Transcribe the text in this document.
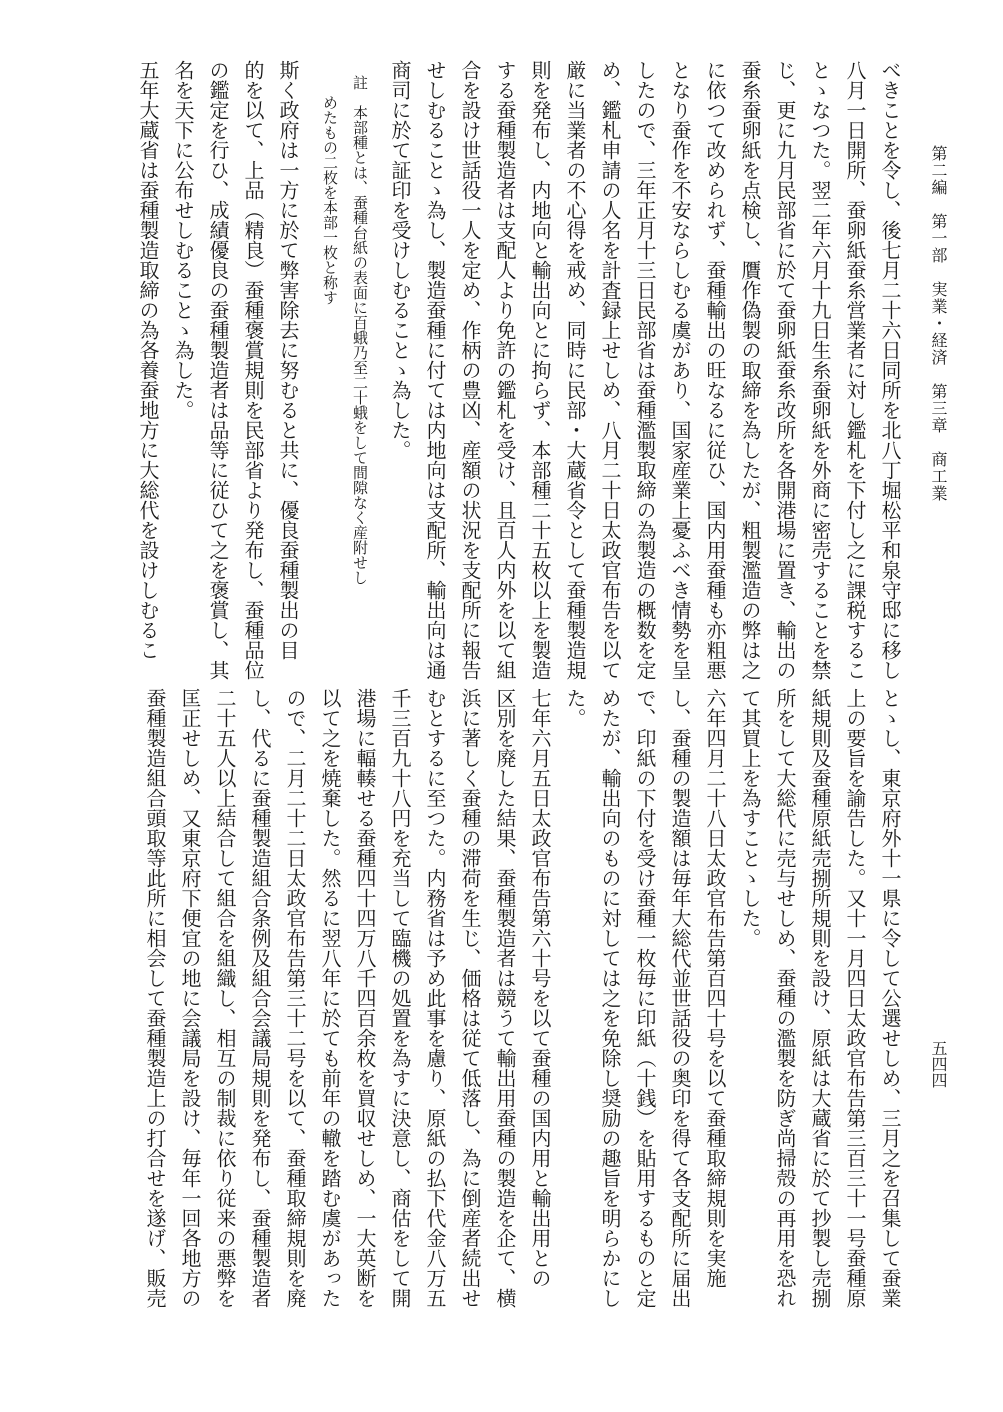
第二編　第一部　実業・経済　第三章　商工業
五四四
べきことを令し、後七月二十六日同所を北八丁堀松平和泉守邸に移し
八月一日開所、蚕卵紙蚕糸営業者に対し鑑札を下付し之に課税するこ
とゝなつた。翌二年六月十九日生糸蚕卵紙を外商に密売することを禁
じ、更に九月民部省に於て蚕卵紙蚕糸改所を各開港場に置き、輸出の
蚕糸蚕卵紙を点検し、贋作偽製の取締を為したが、粗製濫造の弊は之
に依つて改められず、蚕種輸出の旺なるに従ひ、国内用蚕種も亦粗悪
となり蚕作を不安ならしむる虞があり、国家産業上憂ふべき情勢を呈
したので、三年正月十三日民部省は蚕種濫製取締の為製造の概数を定
め、鑑札申請の人名を計査録上せしめ、八月二十日太政官布告を以て
厳に当業者の不心得を戒め、同時に民部・大蔵省令として蚕種製造規
則を発布し、内地向と輸出向とに拘らず、本部種二十五枚以上を製造
する蚕種製造者は支配人より免許の鑑札を受け、且百人内外を以て組
合を設け世話役一人を定め、作柄の豊凶、産額の状況を支配所に報告
せしむることゝ為し、製造蚕種に付ては内地向は支配所、輸出向は通
商司に於て証印を受けしむることゝ為した。
註　本部種とは、蚕種台紙の表面に百蛾乃至二十蛾をして間隙なく産附せし
めたもの二枚を本部一枚と称す
斯く政府は一方に於て弊害除去に努むると共に、優良蚕種製出の目
的を以て、上品（精良）蚕種褒賞規則を民部省より発布し、蚕種品位
の鑑定を行ひ、成績優良の蚕種製造者は品等に従ひて之を褒賞し、其
名を天下に公布せしむることゝ為した。
五年大蔵省は蚕種製造取締の為各養蚕地方に大総代を設けしむるこ
とゝし、東京府外十一県に令して公選せしめ、三月之を召集して蚕業
上の要旨を諭告した。又十一月四日太政官布告第三百三十一号蚕種原
紙規則及蚕種原紙売捌所規則を設け、原紙は大蔵省に於て抄製し売捌
所をして大総代に売与せしめ、蚕種の濫製を防ぎ尚掃殻の再用を恐れ
て其買上を為すことゝした。
六年四月二十八日太政官布告第百四十号を以て蚕種取締規則を実施
し、蚕種の製造額は毎年大総代並世話役の奥印を得て各支配所に届出
で、印紙の下付を受け蚕種一枚毎に印紙（十銭）を貼用するものと定
めたが、輸出向のものに対しては之を免除し奨励の趣旨を明らかにし
た。
七年六月五日太政官布告第六十号を以て蚕種の国内用と輸出用との
区別を廃した結果、蚕種製造者は競うて輸出用蚕種の製造を企て、横
浜に著しく蚕種の滞荷を生じ、価格は従て低落し、為に倒産者続出せ
むとするに至つた。内務省は予め此事を慮り、原紙の払下代金八万五
千三百九十八円を充当して臨機の処置を為すに決意し、商估をして開
港場に輻輳せる蚕種四十四万八千四百余枚を買収せしめ、一大英断を
以て之を焼棄した。然るに翌八年に於ても前年の轍を踏む虞があった
ので、二月二十二日太政官布告第三十二号を以て、蚕種取締規則を廃
し、代るに蚕種製造組合条例及組合会議局規則を発布し、蚕種製造者
二十五人以上結合して組合を組織し、相互の制裁に依り従来の悪弊を
匡正せしめ、又東京府下便宜の地に会議局を設け、毎年一回各地方の
蚕種製造組合頭取等此所に相会して蚕種製造上の打合せを遂げ、販売
